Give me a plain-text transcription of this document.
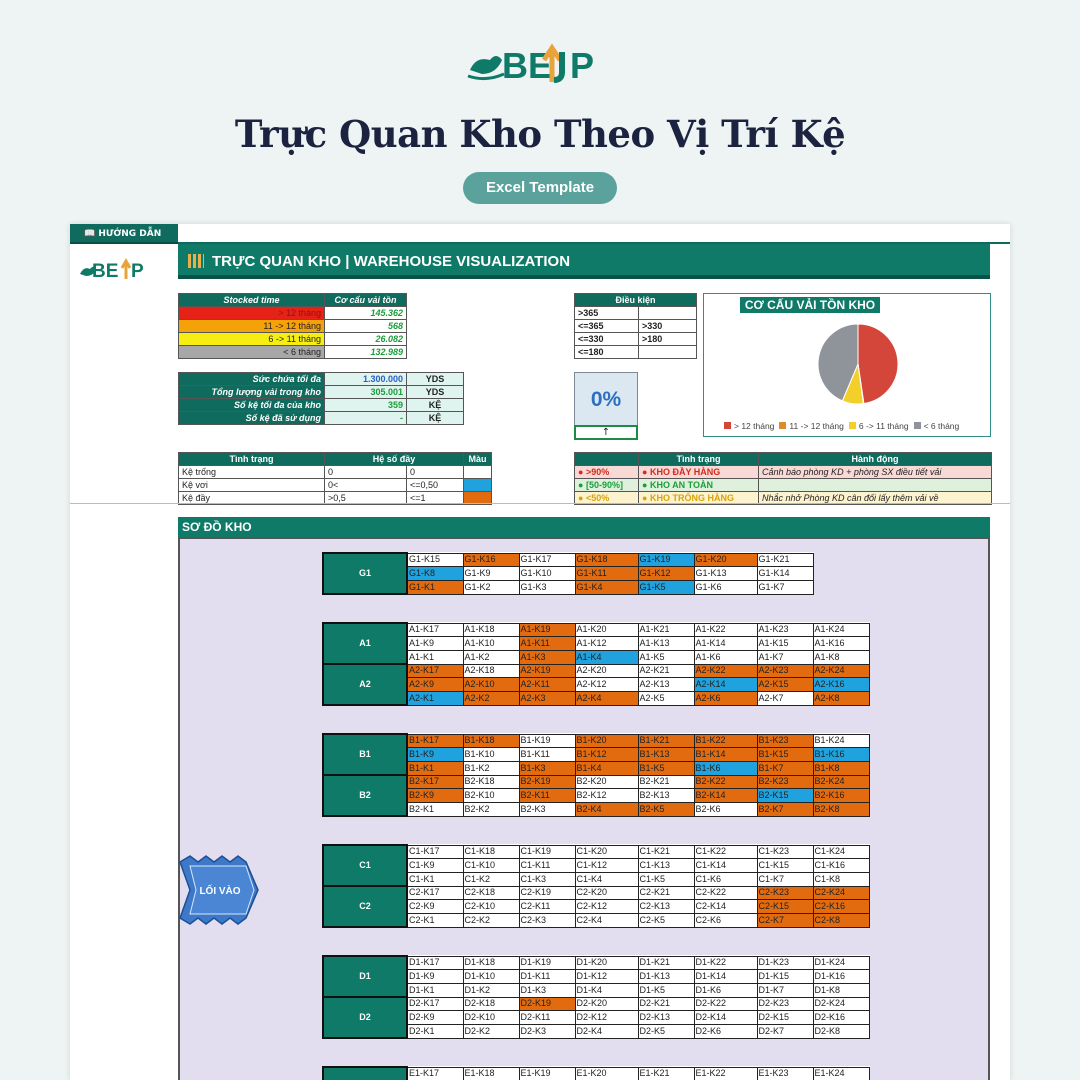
BE P
Trực Quan Kho Theo Vị Trí Kệ
Excel Template
📖 HƯỚNG DẪN
BE P	TRỰC QUAN KHO | WAREHOUSE VISUALIZATION
Stocked time	Cơ cấu vải tồn
> 12 tháng	145.362
11 -> 12 tháng	568
6 -> 11 tháng	26.082
< 6 tháng	132.989
Sức chứa tối đa	1.300.000	YDS
Tổng lượng vải trong kho	305.001	YDS
Số kệ tối đa của kho	359	KỆ
Số kệ đã sử dụng	-	KỆ
Điều kiện	
>365	
<=365	>330
<=330	>180
<=180	
0%
↑
CƠ CẤU VẢI TỒN KHO
> 12 tháng 11 -> 12 tháng 6 -> 11 tháng < 6 tháng
Tình trạng	Hệ số đầy		Màu
Kệ trống	0	0	
Kệ vơi	0<	<=0,50	
Kệ đầy	>0,5	<=1	
	Tình trạng	Hành động
● >90%	● KHO ĐẦY HÀNG	Cảnh báo phòng KD + phòng SX điều tiết vải
● [50-90%]	● KHO AN TOÀN	
● <50%	● KHO TRỐNG HÀNG	Nhắc nhở Phòng KD cân đối lấy thêm vải về
SƠ ĐỒ KHO
G1	G1-K15	G1-K16	G1-K17	G1-K18	G1-K19	G1-K20	G1-K21
	G1-K8	G1-K9	G1-K10	G1-K11	G1-K12	G1-K13	G1-K14
	G1-K1	G1-K2	G1-K3	G1-K4	G1-K5	G1-K6	G1-K7
A1	A1-K17	A1-K18	A1-K19	A1-K20	A1-K21	A1-K22	A1-K23	A1-K24
	A1-K9	A1-K10	A1-K11	A1-K12	A1-K13	A1-K14	A1-K15	A1-K16
	A1-K1	A1-K2	A1-K3	A1-K4	A1-K5	A1-K6	A1-K7	A1-K8
A2	A2-K17	A2-K18	A2-K19	A2-K20	A2-K21	A2-K22	A2-K23	A2-K24
	A2-K9	A2-K10	A2-K11	A2-K12	A2-K13	A2-K14	A2-K15	A2-K16
	A2-K1	A2-K2	A2-K3	A2-K4	A2-K5	A2-K6	A2-K7	A2-K8
B1	B1-K17	B1-K18	B1-K19	B1-K20	B1-K21	B1-K22	B1-K23	B1-K24
	B1-K9	B1-K10	B1-K11	B1-K12	B1-K13	B1-K14	B1-K15	B1-K16
	B1-K1	B1-K2	B1-K3	B1-K4	B1-K5	B1-K6	B1-K7	B1-K8
B2	B2-K17	B2-K18	B2-K19	B2-K20	B2-K21	B2-K22	B2-K23	B2-K24
	B2-K9	B2-K10	B2-K11	B2-K12	B2-K13	B2-K14	B2-K15	B2-K16
	B2-K1	B2-K2	B2-K3	B2-K4	B2-K5	B2-K6	B2-K7	B2-K8
C1	C1-K17	C1-K18	C1-K19	C1-K20	C1-K21	C1-K22	C1-K23	C1-K24
	C1-K9	C1-K10	C1-K11	C1-K12	C1-K13	C1-K14	C1-K15	C1-K16
	C1-K1	C1-K2	C1-K3	C1-K4	C1-K5	C1-K6	C1-K7	C1-K8
C2	C2-K17	C2-K18	C2-K19	C2-K20	C2-K21	C2-K22	C2-K23	C2-K24
	C2-K9	C2-K10	C2-K11	C2-K12	C2-K13	C2-K14	C2-K15	C2-K16
	C2-K1	C2-K2	C2-K3	C2-K4	C2-K5	C2-K6	C2-K7	C2-K8
D1	D1-K17	D1-K18	D1-K19	D1-K20	D1-K21	D1-K22	D1-K23	D1-K24
	D1-K9	D1-K10	D1-K11	D1-K12	D1-K13	D1-K14	D1-K15	D1-K16
	D1-K1	D1-K2	D1-K3	D1-K4	D1-K5	D1-K6	D1-K7	D1-K8
D2	D2-K17	D2-K18	D2-K19	D2-K20	D2-K21	D2-K22	D2-K23	D2-K24
	D2-K9	D2-K10	D2-K11	D2-K12	D2-K13	D2-K14	D2-K15	D2-K16
	D2-K1	D2-K2	D2-K3	D2-K4	D2-K5	D2-K6	D2-K7	D2-K8
	E1-K17	E1-K18	E1-K19	E1-K20	E1-K21	E1-K22	E1-K23	E1-K24
LỐI VÀO
